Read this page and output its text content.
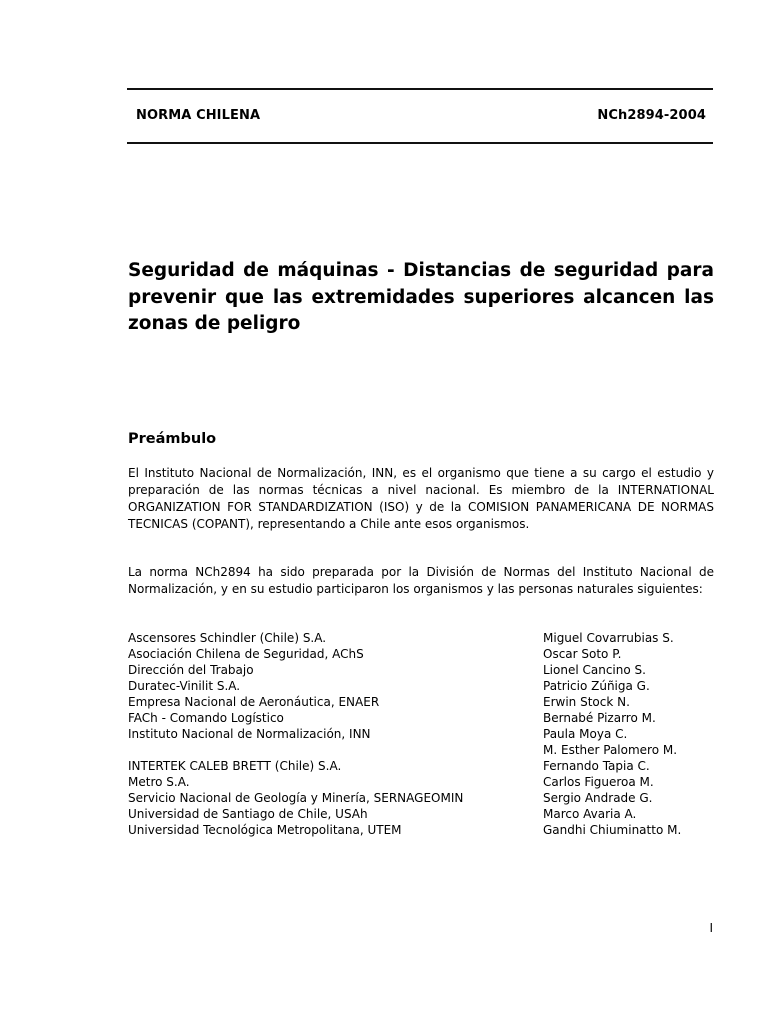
NORMA CHILENA	NCh2894-2004
Seguridad de máquinas - Distancias de seguridad para prevenir que las extremidades superiores alcancen las zonas de peligro
Preámbulo

El Instituto Nacional de Normalización, INN, es el organismo que tiene a su cargo el estudio y preparación de las normas técnicas a nivel nacional. Es miembro de la INTERNATIONAL ORGANIZATION FOR STANDARDIZATION (ISO) y de la COMISION PANAMERICANA DE NORMAS TECNICAS (COPANT), representando a Chile ante esos organismos.

La norma NCh2894 ha sido preparada por la División de Normas del Instituto Nacional de Normalización, y en su estudio participaron los organismos y las personas naturales siguientes:

Ascensores Schindler (Chile) S.A.
Asociación Chilena de Seguridad, AChS
Dirección del Trabajo
Duratec-Vinilit S.A.
Empresa Nacional de Aeronáutica, ENAER
FACh - Comando Logístico
Instituto Nacional de Normalización, INN
INTERTEK CALEB BRETT (Chile) S.A.
Metro S.A.
Servicio Nacional de Geología y Minería, SERNAGEOMIN
Universidad de Santiago de Chile, USAh
Universidad Tecnológica Metropolitana, UTEM
Miguel Covarrubias S.
Oscar Soto P.
Lionel Cancino S.
Patricio Zúñiga G.
Erwin Stock N.
Bernabé Pizarro M.
Paula Moya C.
M. Esther Palomero M.
Fernando Tapia C.
Carlos Figueroa M.
Sergio Andrade G.
Marco Avaria A.
Gandhi Chiuminatto M.
I
